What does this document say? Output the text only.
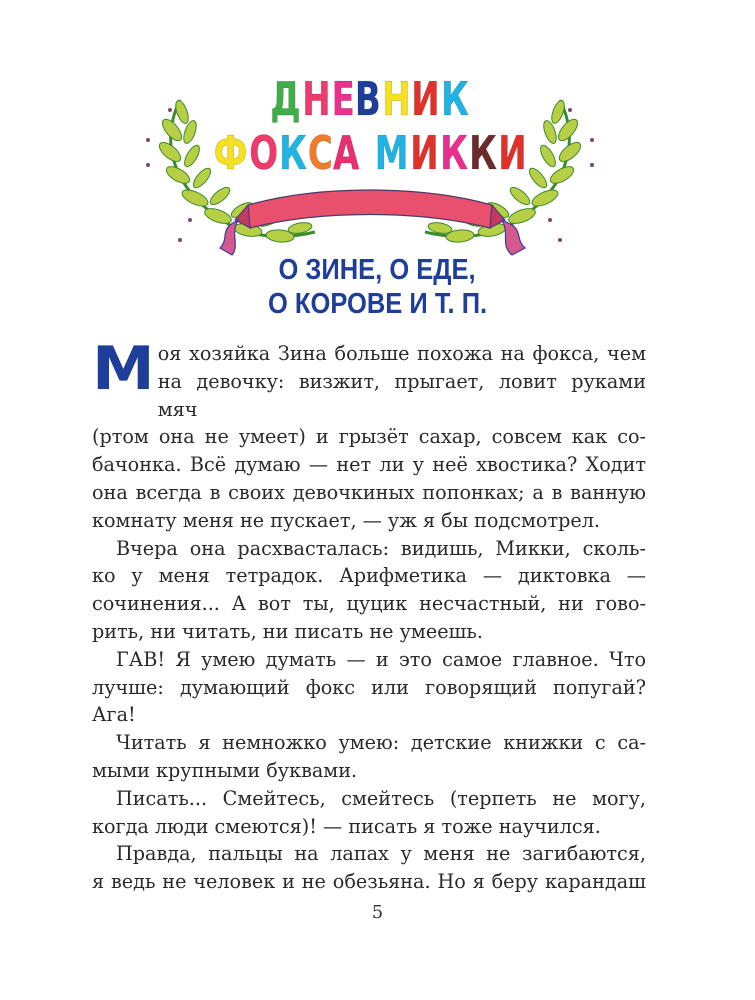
ДНЕВНИК
ФОКСА МИККИ
О ЗИНЕ, О ЕДЕ,
О КОРОВЕ И Т. П.
М оя хозяйка Зина больше похожа на фокса, чем
на девочку: визжит, прыгает, ловит руками мяч
(ртом она не умеет) и грызёт сахар, совсем как со-
бачонка. Всё думаю — нет ли у неё хвостика? Ходит
она всегда в своих девочкиных попонках; а в ванную
комнату меня не пускает, — уж я бы подсмотрел.
Вчера она расхвасталась: видишь, Микки, сколь-
ко у меня тетрадок. Арифметика — диктовка —
сочинения... А вот ты, цуцик несчастный, ни гово-
рить, ни читать, ни писать не умеешь.
ГАВ! Я умею думать — и это самое главное. Что
лучше: думающий фокс или говорящий попугай?
Ага!
Читать я немножко умею: детские книжки с са-
мыми крупными буквами.
Писать... Смейтесь, смейтесь (терпеть не могу,
когда люди смеются)! — писать я тоже научился.
Правда, пальцы на лапах у меня не загибаются,
я ведь не человек и не обезьяна. Но я беру карандаш
5
